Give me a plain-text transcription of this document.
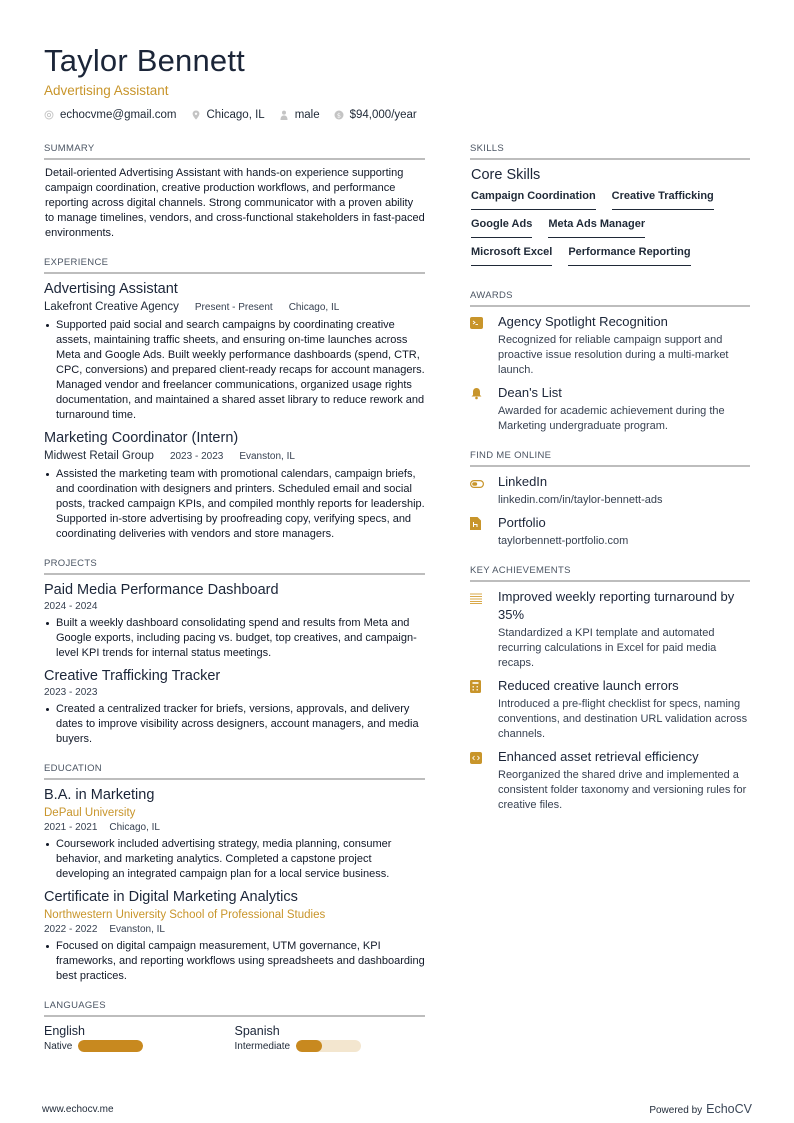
Taylor Bennett
Advertising Assistant
echocvme@gmail.com	Chicago, IL	male	$ $94,000/year
SUMMARY

Detail-oriented Advertising Assistant with hands-on experience supporting campaign coordination, creative production workflows, and performance reporting across digital channels. Strong communicator with a proven ability to manage timelines, vendors, and cross-functional stakeholders in fast-paced environments.

EXPERIENCE
Advertising Assistant
Lakefront Creative Agency Present - Present Chicago, IL
Supported paid social and search campaigns by coordinating creative assets, maintaining traffic sheets, and ensuring on-time launches across Meta and Google Ads. Built weekly performance dashboards (spend, CTR, CPC, conversions) and prepared client-ready recaps for account managers. Managed vendor and freelancer communications, organized usage rights documentation, and maintained a shared asset library to reduce rework and turnaround time.
Marketing Coordinator (Intern)
Midwest Retail Group 2023 - 2023 Evanston, IL
Assisted the marketing team with promotional calendars, campaign briefs, and coordination with designers and printers. Scheduled email and social posts, tracked campaign KPIs, and compiled monthly reports for leadership. Supported in-store advertising by proofreading copy, verifying specs, and coordinating deliveries with vendors and store managers.
PROJECTS
Paid Media Performance Dashboard
2024 - 2024
Built a weekly dashboard consolidating spend and results from Meta and Google exports, including pacing vs. budget, top creatives, and campaign-level KPI trends for internal status meetings.
Creative Trafficking Tracker
2023 - 2023
Created a centralized tracker for briefs, versions, approvals, and delivery dates to improve visibility across designers, account managers, and media buyers.
EDUCATION
B.A. in Marketing
DePaul University
2021 - 2021 Chicago, IL
Coursework included advertising strategy, media planning, consumer behavior, and marketing analytics. Completed a capstone project developing an integrated campaign plan for a local service business.
Certificate in Digital Marketing Analytics
Northwestern University School of Professional Studies
2022 - 2022 Evanston, IL
Focused on digital campaign measurement, UTM governance, KPI frameworks, and reporting workflows using spreadsheets and dashboarding best practices.
LANGUAGES
English
Native
Spanish
Intermediate
SKILLS
Core Skills
Campaign Coordination Creative Trafficking
Google Ads Meta Ads Manager
Microsoft Excel Performance Reporting
AWARDS
Agency Spotlight Recognition
Recognized for reliable campaign support and proactive issue resolution during a multi-market launch.
Dean's List
Awarded for academic achievement during the Marketing undergraduate program.
FIND ME ONLINE
LinkedIn
linkedin.com/in/taylor-bennett-ads
Portfolio
taylorbennett-portfolio.com
KEY ACHIEVEMENTS
Improved weekly reporting turnaround by 35%
Standardized a KPI template and automated recurring calculations in Excel for paid media recaps.
Reduced creative launch errors
Introduced a pre-flight checklist for specs, naming conventions, and destination URL validation across channels.
Enhanced asset retrieval efficiency
Reorganized the shared drive and implemented a consistent folder taxonomy and versioning rules for creative files.
www.echocv.me	Powered by EchoCV
